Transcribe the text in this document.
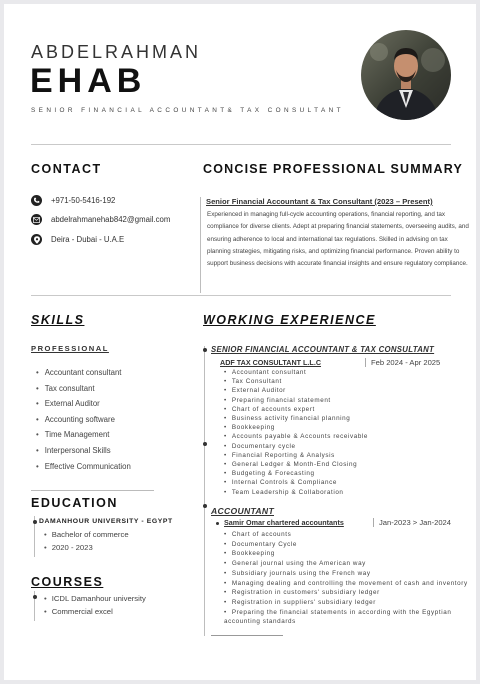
ABDELRAHMAN
EHAB
SENIOR FINANCIAL ACCOUNTANT& TAX CONSULTANT
CONTACT
+971-50-5416-192
abdelrahmanehab842@gmail.com
Deira - Dubai - U.A.E
CONCISE PROFESSIONAL SUMMARY
Senior Financial Accountant & Tax Consultant (2023 – Present)
Experienced in managing full-cycle accounting operations, financial reporting, and tax compliance for diverse clients. Adept at preparing financial statements, overseeing audits, and ensuring adherence to local and international tax regulations. Skilled in advising on tax planning strategies, mitigating risks, and optimizing financial performance. Proven ability to support business decisions with accurate financial insights and ensure regulatory compliance.
SKILLS
PROFESSIONAL
• Accountant consultant
• Tax consultant
• External Auditor
• Accounting software
• Time Management
• Interpersonal Skills
• Effective Communication
EDUCATION
DAMANHOUR UNIVERSITY - EGYPT
• Bachelor of commerce
• 2020 - 2023
COURSES
• ICDL Damanhour university
• Commercial excel
WORKING EXPERIENCE
SENIOR FINANCIAL ACCOUNTANT & TAX CONSULTANT
ADF TAX CONSULTANT L.L.C	Feb 2024 - Apr 2025
• Accountant consultant
• Tax Consultant
• External Auditor
• Preparing financial statement
• Chart of accounts expert
• Business activity financial planning
• Bookkeeping
• Accounts payable & Accounts receivable
• Documentary cycle
• Financial Reporting & Analysis
• General Ledger & Month-End Closing
• Budgeting & Forecasting
• Internal Controls & Compliance
• Team Leadership & Collaboration
ACCOUNTANT
Samir Omar chartered accountants	Jan-2023 > Jan-2024
• Chart of accounts
• Documentary Cycle
• Bookkeeping
• General journal using the American way
• Subsidiary journals using the French way
• Managing dealing and controlling the movement of cash and inventory
• Registration in customers' subsidiary ledger
• Registration in suppliers' subsidiary ledger
• Preparing the financial statements in according with the Egyptian accounting standards
